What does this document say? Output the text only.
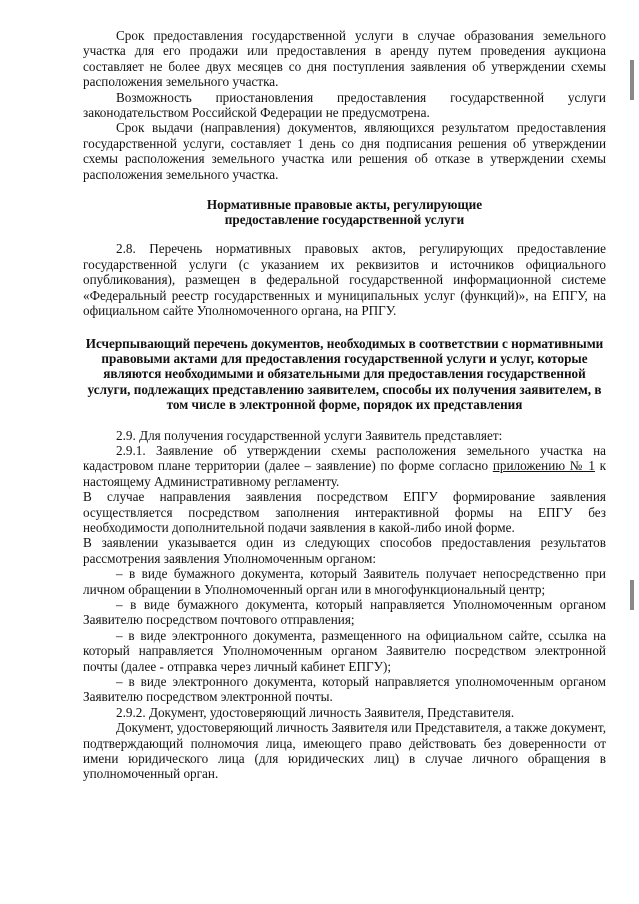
Срок предоставления государственной услуги в случае образования земельного участка для его продажи или предоставления в аренду путем проведения аукциона составляет не более двух месяцев со дня поступления заявления об утверждении схемы расположения земельного участка.

Возможность приостановления предоставления государственной услуги законодательством Российской Федерации не предусмотрена.

Срок выдачи (направления) документов, являющихся результатом предоставления государственной услуги, составляет 1 день со дня подписания решения об утверждении схемы расположения земельного участка или решения об отказе в утверждении схемы расположения земельного участка.

Нормативные правовые акты, регулирующие предоставление государственной услуги

2.8. Перечень нормативных правовых актов, регулирующих предоставление государственной услуги (с указанием их реквизитов и источников официального опубликования), размещен в федеральной государственной информационной системе «Федеральный реестр государственных и муниципальных услуг (функций)», на ЕПГУ, на официальном сайте Уполномоченного органа, на РПГУ.

Исчерпывающий перечень документов, необходимых в соответствии с нормативными правовыми актами для предоставления государственной услуги и услуг, которые являются необходимыми и обязательными для предоставления государственной услуги, подлежащих представлению заявителем, способы их получения заявителем, в том числе в электронной форме, порядок их представления

2.9. Для получения государственной услуги Заявитель представляет:

2.9.1. Заявление об утверждении схемы расположения земельного участка на кадастровом плане территории (далее – заявление) по форме согласно приложению № 1 к настоящему Административному регламенту.

В случае направления заявления посредством ЕПГУ формирование заявления осуществляется посредством заполнения интерактивной формы на ЕПГУ без необходимости дополнительной подачи заявления в какой-либо иной форме.

В заявлении указывается один из следующих способов предоставления результатов рассмотрения заявления Уполномоченным органом:

– в виде бумажного документа, который Заявитель получает непосредственно при личном обращении в Уполномоченный орган или в многофункциональный центр;

– в виде бумажного документа, который направляется Уполномоченным органом Заявителю посредством почтового отправления;

– в виде электронного документа, размещенного на официальном сайте, ссылка на который направляется Уполномоченным органом Заявителю посредством электронной почты (далее - отправка через личный кабинет ЕПГУ);

– в виде электронного документа, который направляется уполномоченным органом Заявителю посредством электронной почты.

2.9.2. Документ, удостоверяющий личность Заявителя, Представителя.

Документ, удостоверяющий личность Заявителя или Представителя, а также документ, подтверждающий полномочия лица, имеющего право действовать без доверенности от имени юридического лица (для юридических лиц) в случае личного обращения в уполномоченный орган.
